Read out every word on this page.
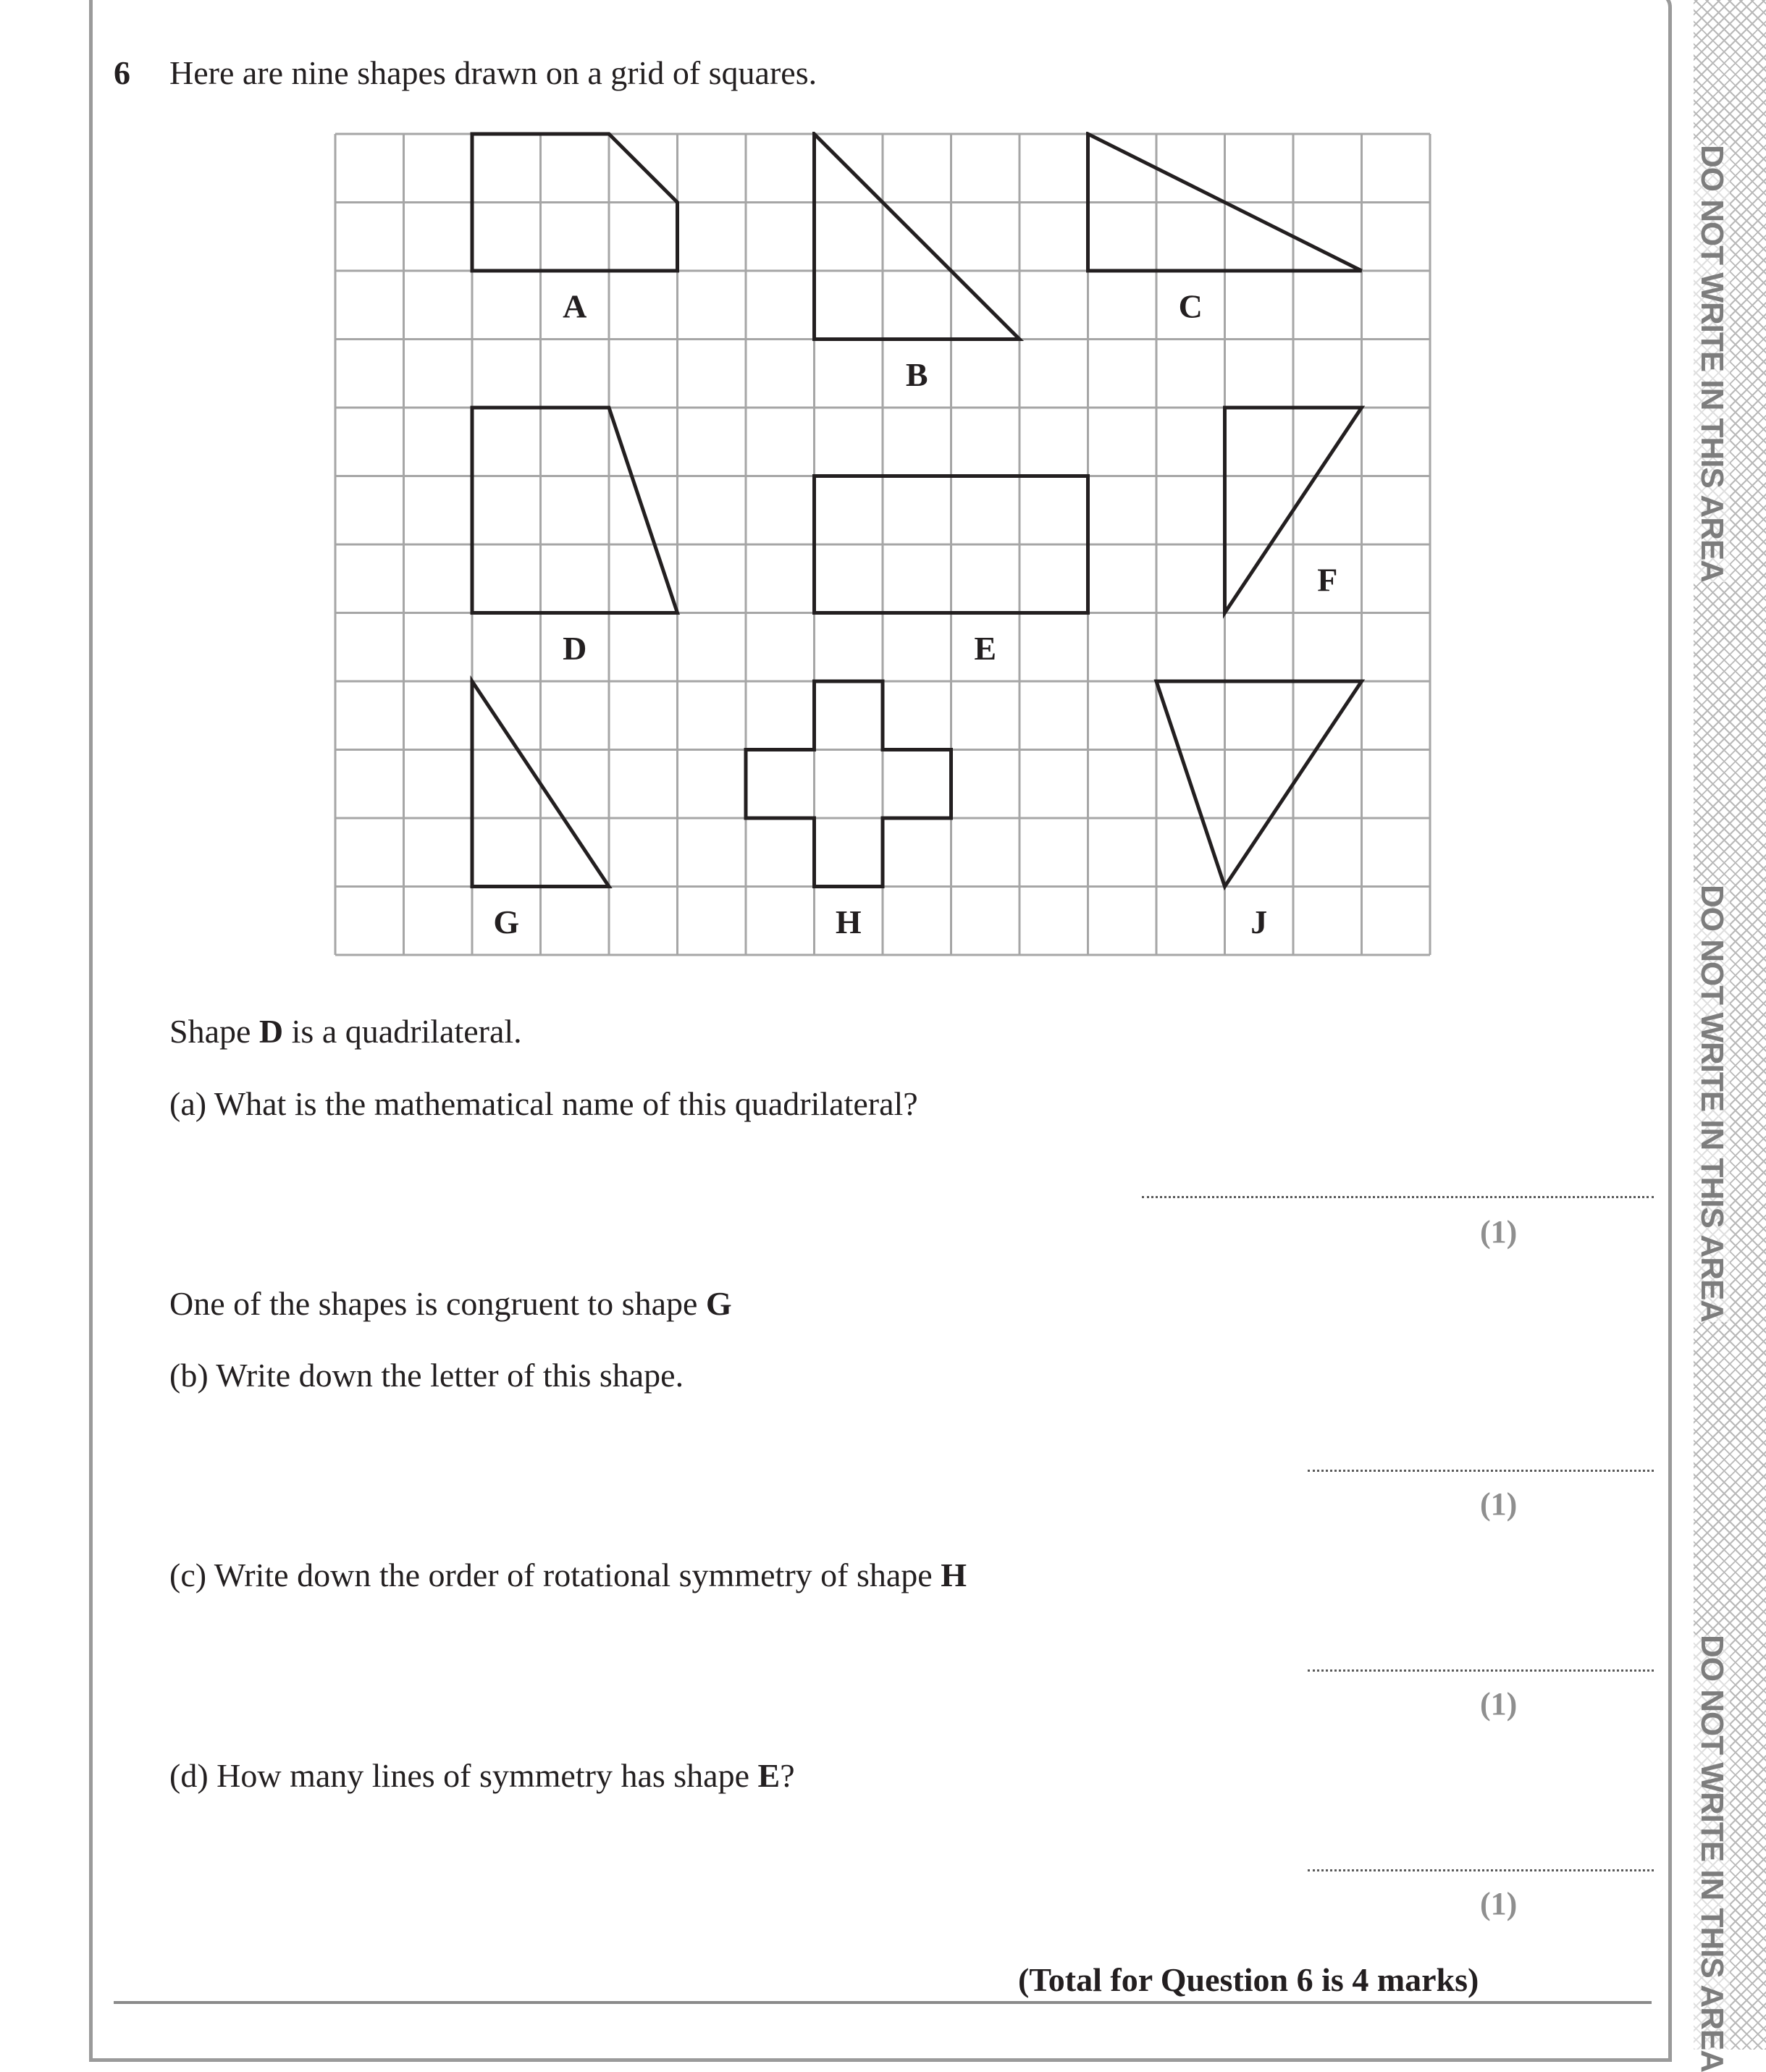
DO NOT WRITE IN THIS AREA
DO NOT WRITE IN THIS AREA
DO NOT WRITE IN THIS AREA
6 Here are nine shapes drawn on a grid of squares.
A
B
C
D	E
F
G	H	J
Shape D is a quadrilateral.
(a) What is the mathematical name of this quadrilateral?
(1)
One of the shapes is congruent to shape G
(b) Write down the letter of this shape.
(1)
(c) Write down the order of rotational symmetry of shape H
(1)
(d) How many lines of symmetry has shape E?
(1)
(Total for Question 6 is 4 marks)
